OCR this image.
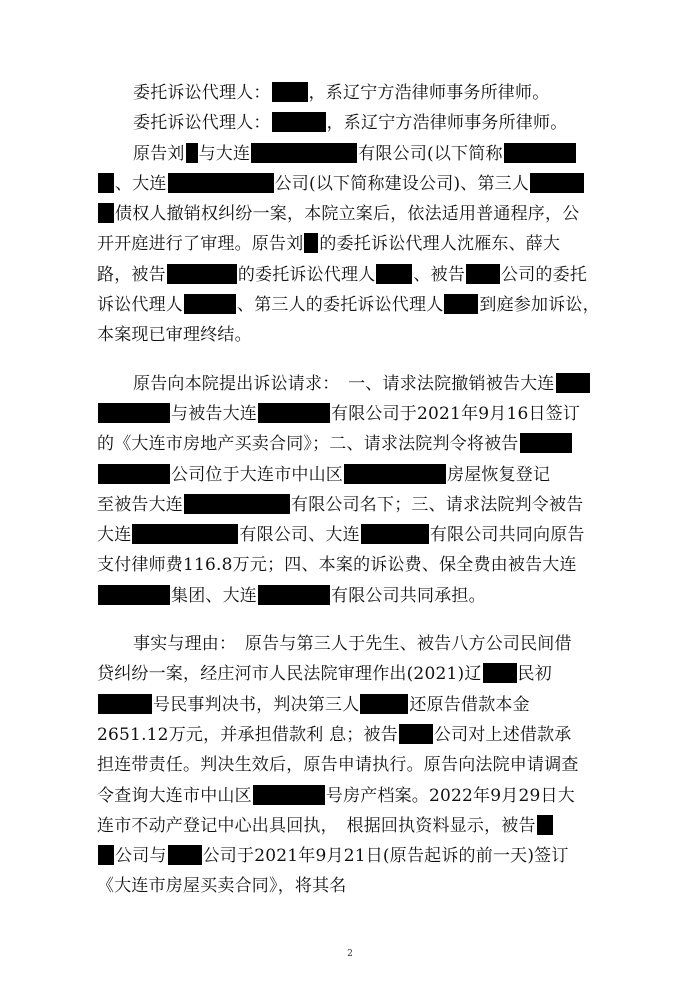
委托诉讼代理人： ，系辽宁方浩律师事务所律师。
委托诉讼代理人：	，系辽宁方浩律师事务所律师。
原告刘 与大连	有限公司(以下简称
、大连	公司(以下简称建设公司)、第三人
债权人撤销权纠纷一案，本院立案后，依法适用普通程序，公
开开庭进行了审理。原告刘 的委托诉讼代理人沈雁东、薛大
路，被告	的委托诉讼代理人 、被告 公司的委托
诉讼代理人	、第三人的委托诉讼代理人 到庭参加诉讼，
本案现已审理终结。
原告向本院提出诉讼请求：　一、请求法院撤销被告大连
与被告大连	有限公司于2021年9月16日签订
的《大连市房地产买卖合同》；二、请求法院判令将被告
公司位于大连市中山区	房屋恢复登记
至被告大连	有限公司名下；三、请求法院判令被告
大连	有限公司、大连	有限公司共同向原告
支付律师费116.8万元；四、本案的诉讼费、保全费由被告大连
集团、大连	有限公司共同承担。
事实与理由：　原告与第三人于先生、被告八方公司民间借
贷纠纷一案，经庄河市人民法院审理作出(2021)辽 民初
号民事判决书，判决第三人	还原告借款本金
2651.12万元，并承担借款利 息；被告 公司对上述借款承
担连带责任。判决生效后，原告申请执行。原告向法院申请调查
令查询大连市中山区	号房产档案。2022年9月29日大
连市不动产登记中心出具回执，　根据回执资料显示，被告
公司与 公司于2021年9月21日(原告起诉的前一天)签订
《大连市房屋买卖合同》，将其名
2
